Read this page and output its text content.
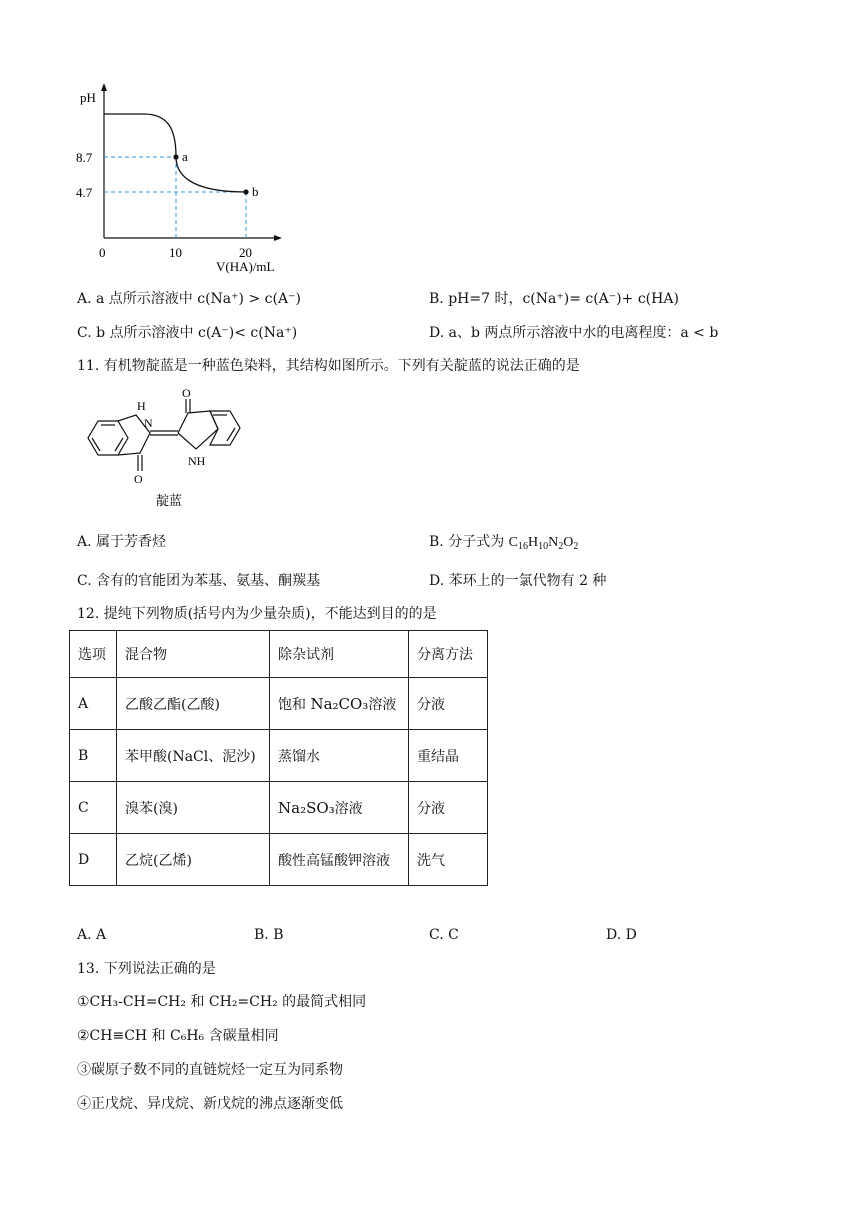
pH
a
b
8.7
4.7
0	10	20
V(HA)/mL
A. a 点所示溶液中 c(Na⁺) > c(A⁻)	B. pH=7 时，c(Na⁺)= c(A⁻)+ c(HA)
C. b 点所示溶液中 c(A⁻)< c(Na⁺)	D. a、b 两点所示溶液中水的电离程度：a < b
11. 有机物靛蓝是一种蓝色染料，其结构如图所示。下列有关靛蓝的说法正确的是
H
N
O
O
NH
靛蓝
A. 属于芳香烃	B. 分子式为 $C_{16}H_{10}N_2O_2$
C. 含有的官能团为苯基、氨基、酮羰基	D. 苯环上的一氯代物有 2 种
12. 提纯下列物质(括号内为少量杂质)，不能达到目的的是
选项	混合物	除杂试剂	分离方法
A	乙酸乙酯(乙酸)	饱和 Na₂CO₃溶液	分液
B	苯甲酸(NaCl、泥沙)	蒸馏水	重结晶
C	溴苯(溴)	Na₂SO₃溶液	分液
D	乙烷(乙烯)	酸性高锰酸钾溶液	洗气
A. A	B. B	C. C	D. D
13. 下列说法正确的是
①CH₃-CH=CH₂ 和 CH₂=CH₂ 的最简式相同
②CH≡CH 和 C₆H₆ 含碳量相同
③碳原子数不同的直链烷烃一定互为同系物
④正戊烷、异戊烷、新戊烷的沸点逐渐变低
